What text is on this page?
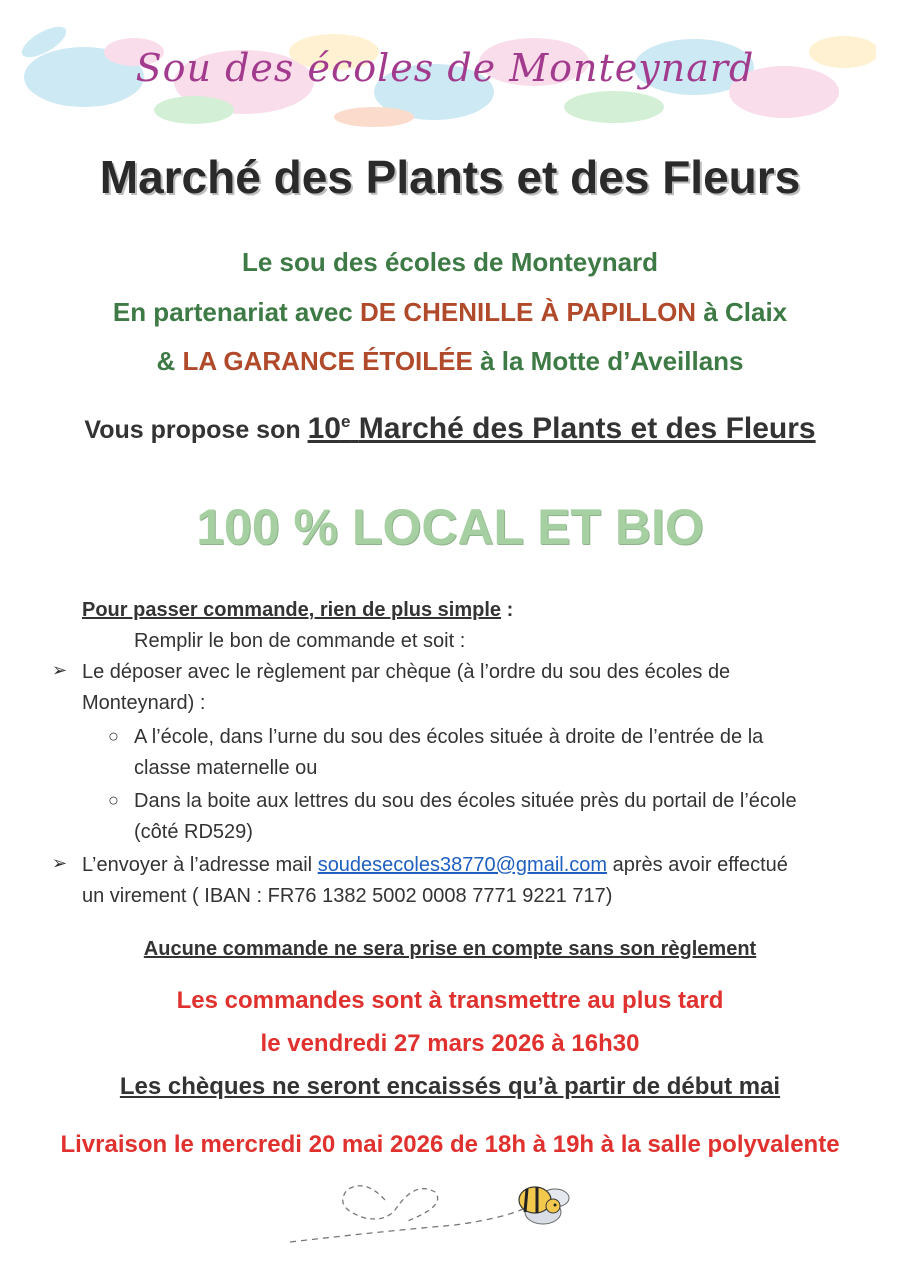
Sou des écoles de Monteynard
Marché des Plants et des Fleurs
Le sou des écoles de Monteynard
En partenariat avec DE CHENILLE À PAPILLON à Claix
& LA GARANCE ÉTOILÉE à la Motte d’Aveillans
Vous propose son 10e Marché des Plants et des Fleurs
100 % LOCAL ET BIO
Pour passer commande, rien de plus simple :
Remplir le bon de commande et soit :
➢ Le déposer avec le règlement par chèque (à l’ordre du sou des écoles de
Monteynard) :
○ A l’école, dans l’urne du sou des écoles située à droite de l’entrée de la
classe maternelle ou
○ Dans la boite aux lettres du sou des écoles située près du portail de l’école
(côté RD529)
➢ L’envoyer à l’adresse mail soudesecoles38770@gmail.com après avoir effectué
un virement ( IBAN : FR76 1382 5002 0008 7771 9221 717)
Aucune commande ne sera prise en compte sans son règlement
Les commandes sont à transmettre au plus tard
le vendredi 27 mars 2026 à 16h30
Les chèques ne seront encaissés qu’à partir de début mai
Livraison le mercredi 20 mai 2026 de 18h à 19h à la salle polyvalente
